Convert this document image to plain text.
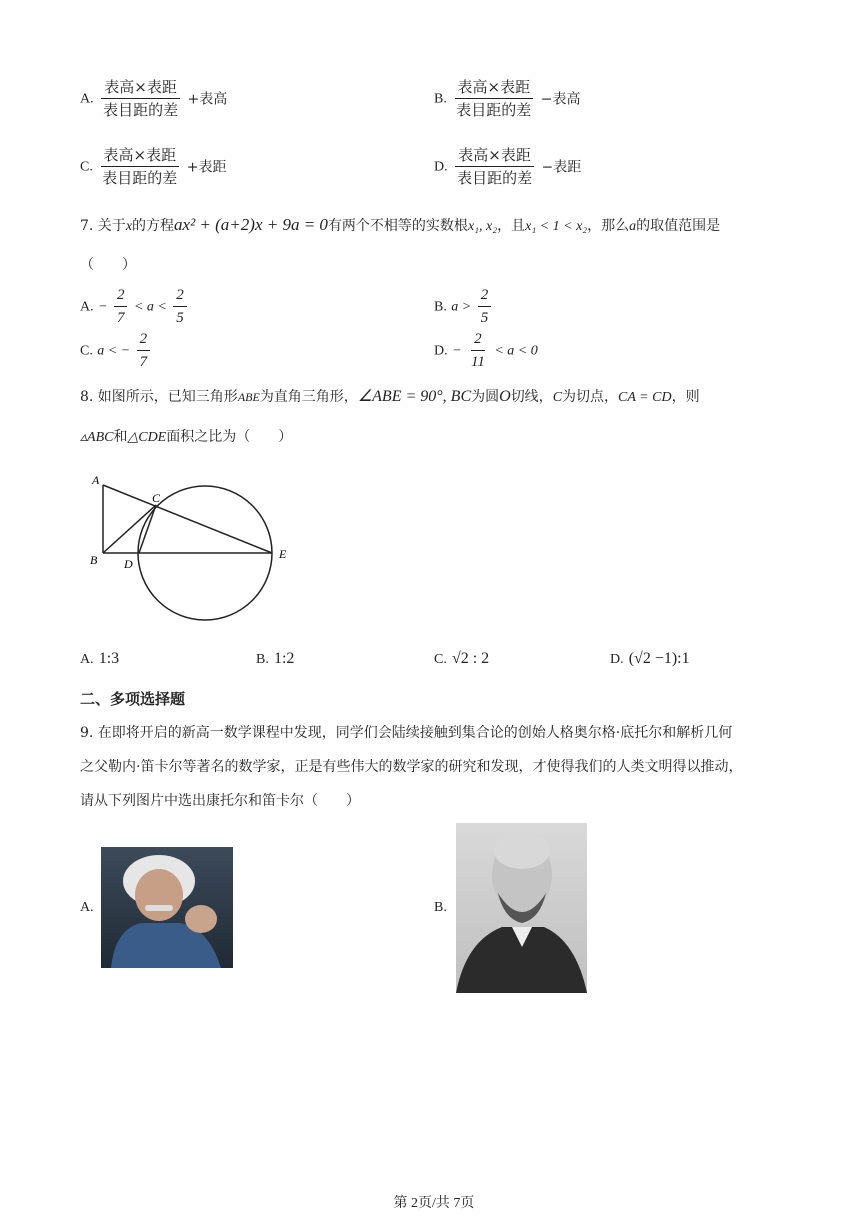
A. $\frac{\text{表高×表距}}{\text{表目距的差}}$ +表高	B. $\frac{\text{表高×表距}}{\text{表目距的差}}$ −表高
C. $\frac{\text{表高×表距}}{\text{表目距的差}}$ +表距	D. $\frac{\text{表高×表距}}{\text{表目距的差}}$ −表距
7. 关于x的方程ax² + (a+2)x + 9a = 0有两个不相等的实数根x₁, x₂，且x₁ < 1 < x₂，那么a的取值范围是
（　　）
A. − $\frac{2}{7} < a < \frac{2}{5}$	B. $a > \frac{2}{5}$
C. a < − $\frac{2}{7}$	D. − $\frac{2}{11} < a < 0$
8. 如图所示，已知三角形ABE为直角三角形，∠ABE = 90°, BC为圆O切线，C为切点，CA = CD，则
▵ABC和△CDE面积之比为（　　）
A
B
C
D
E
A. 1:3	B. 1:2	C. √2 : 2	D. (√2 −1):1
二、多项选择题
9. 在即将开启的新高一数学课程中发现，同学们会陆续接触到集合论的创始人格奥尔格·底托尔和解析几何
之父勒内·笛卡尔等著名的数学家，正是有些伟大的数学家的研究和发现，才使得我们的人类文明得以推动，
请从下列图片中选出康托尔和笛卡尔（　　）
A.	B.
第 2页/共 7页
